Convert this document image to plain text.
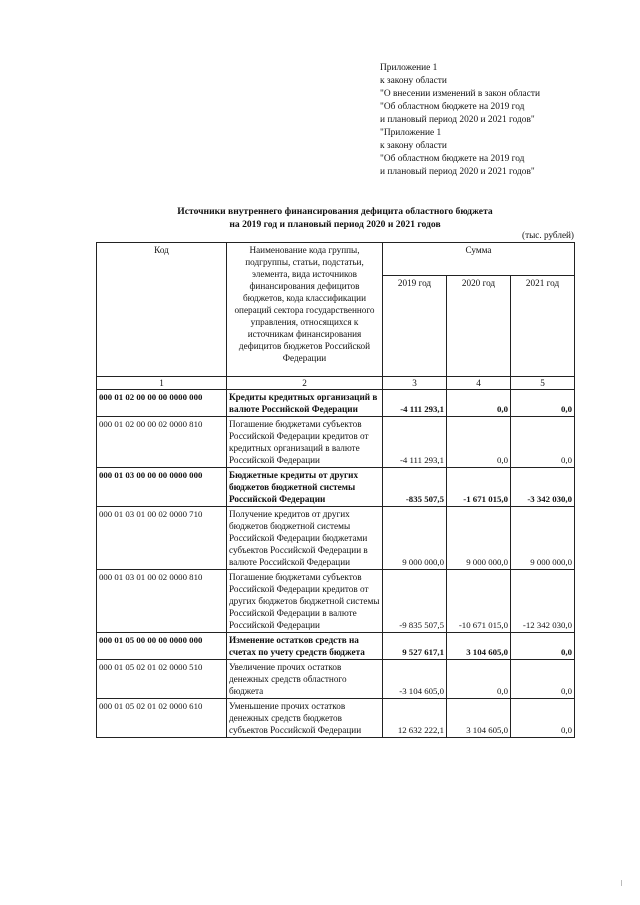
Приложение 1
к закону области
"О внесении изменений в закон области
"Об областном бюджете на 2019 год
и плановый период 2020 и 2021 годов"
"Приложение 1
к закону области
"Об областном бюджете на 2019 год
и плановый период 2020 и 2021 годов"
Источники внутреннего финансирования дефицита областного бюджета
на 2019 год и плановый период 2020 и 2021 годов
(тыс. рублей)
Код	Наименование кода группы, подгруппы, статьи, подстатьи, элемента, вида источников финансирования дефицитов бюджетов, кода классификации операций сектора государственного управления, относящихся к источникам финансирования дефицитов бюджетов Российской Федерации	Сумма		
		2019 год	2020 год	2021 год
1	2	3	4	5
000 01 02 00 00 00 0000 000	Кредиты кредитных организаций в валюте Российской Федерации	-4 111 293,1	0,0	0,0
000 01 02 00 00 02 0000 810	Погашение бюджетами субъектов Российской Федерации кредитов от кредитных организаций в валюте Российской Федерации	-4 111 293,1	0,0	0,0
000 01 03 00 00 00 0000 000	Бюджетные кредиты от других бюджетов бюджетной системы Российской Федерации	-835 507,5	-1 671 015,0	-3 342 030,0
000 01 03 01 00 02 0000 710	Получение кредитов от других бюджетов бюджетной системы Российской Федерации бюджетами субъектов Российской Федерации в валюте Российской Федерации	9 000 000,0	9 000 000,0	9 000 000,0
000 01 03 01 00 02 0000 810	Погашение бюджетами субъектов Российской Федерации кредитов от других бюджетов бюджетной системы Российской Федерации в валюте Российской Федерации	-9 835 507,5	-10 671 015,0	-12 342 030,0
000 01 05 00 00 00 0000 000	Изменение остатков средств на счетах по учету средств бюджета	9 527 617,1	3 104 605,0	0,0
000 01 05 02 01 02 0000 510	Увеличение прочих остатков денежных средств областного бюджета	-3 104 605,0	0,0	0,0
000 01 05 02 01 02 0000 610	Уменьшение прочих остатков денежных средств бюджетов субъектов Российской Федерации	12 632 222,1	3 104 605,0	0,0
